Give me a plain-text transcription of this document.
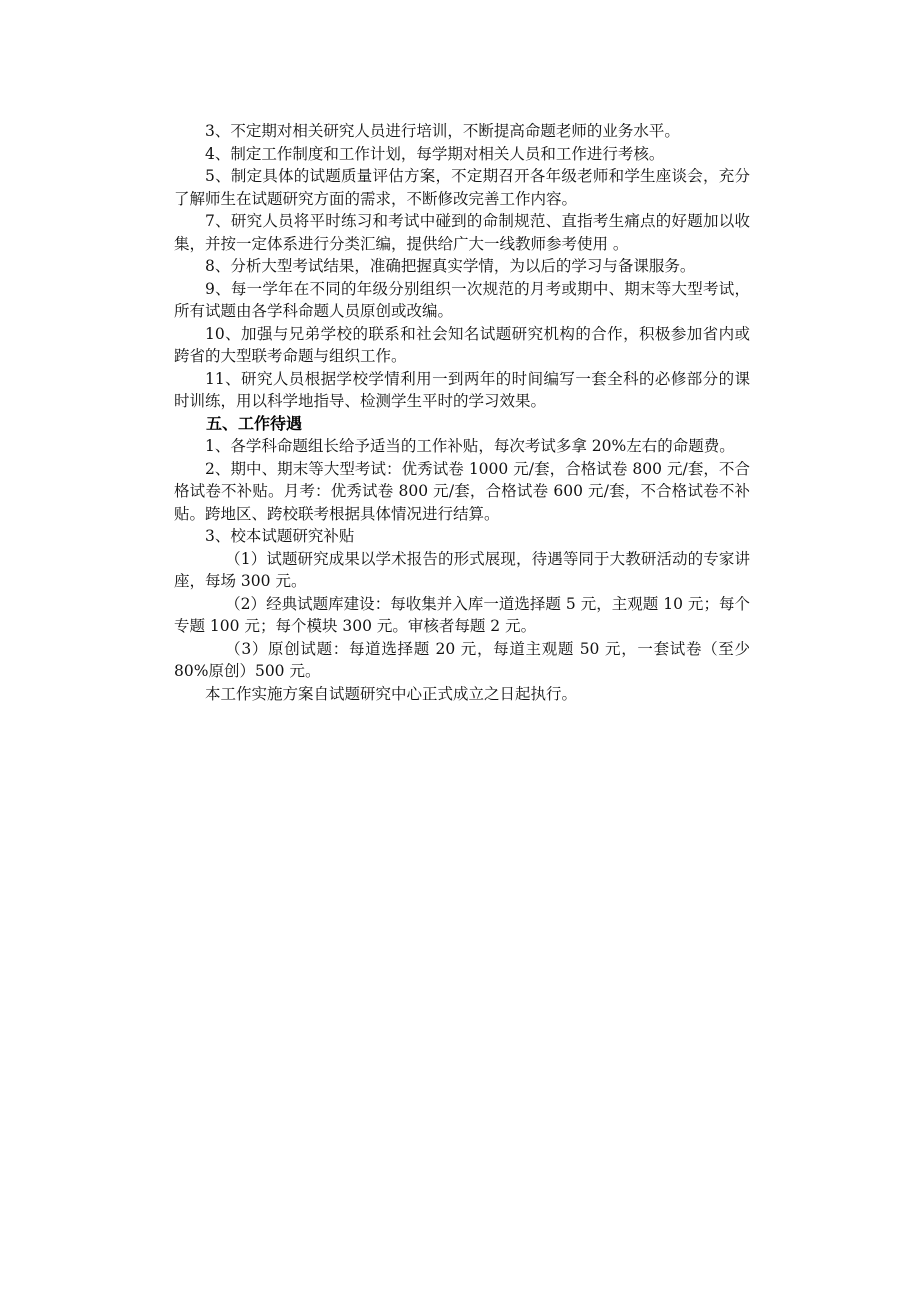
3、不定期对相关研究人员进行培训，不断提高命题老师的业务水平。

4、制定工作制度和工作计划，每学期对相关人员和工作进行考核。

5、制定具体的试题质量评估方案，不定期召开各年级老师和学生座谈会，充分了解师生在试题研究方面的需求，不断修改完善工作内容。

7、研究人员将平时练习和考试中碰到的命制规范、直指考生痛点的好题加以收集，并按一定体系进行分类汇编，提供给广大一线教师参考使用 。

8、分析大型考试结果，准确把握真实学情，为以后的学习与备课服务。

9、每一学年在不同的年级分别组织一次规范的月考或期中、期末等大型考试，所有试题由各学科命题人员原创或改编。

10、加强与兄弟学校的联系和社会知名试题研究机构的合作，积极参加省内或跨省的大型联考命题与组织工作。

11、研究人员根据学校学情利用一到两年的时间编写一套全科的必修部分的课时训练，用以科学地指导、检测学生平时的学习效果。

五、工作待遇

1、各学科命题组长给予适当的工作补贴，每次考试多拿 20%左右的命题费。

2、期中、期末等大型考试：优秀试卷 1000 元/套，合格试卷 800 元/套，不合格试卷不补贴。月考：优秀试卷 800 元/套，合格试卷 600 元/套，不合格试卷不补贴。跨地区、跨校联考根据具体情况进行结算。

3、校本试题研究补贴

（1）试题研究成果以学术报告的形式展现，待遇等同于大教研活动的专家讲座，每场 300 元。

（2）经典试题库建设：每收集并入库一道选择题 5 元，主观题 10 元；每个专题 100 元；每个模块 300 元。审核者每题 2 元。

（3）原创试题：每道选择题 20 元，每道主观题 50 元，一套试卷（至少 80%原创）500 元。

本工作实施方案自试题研究中心正式成立之日起执行。
